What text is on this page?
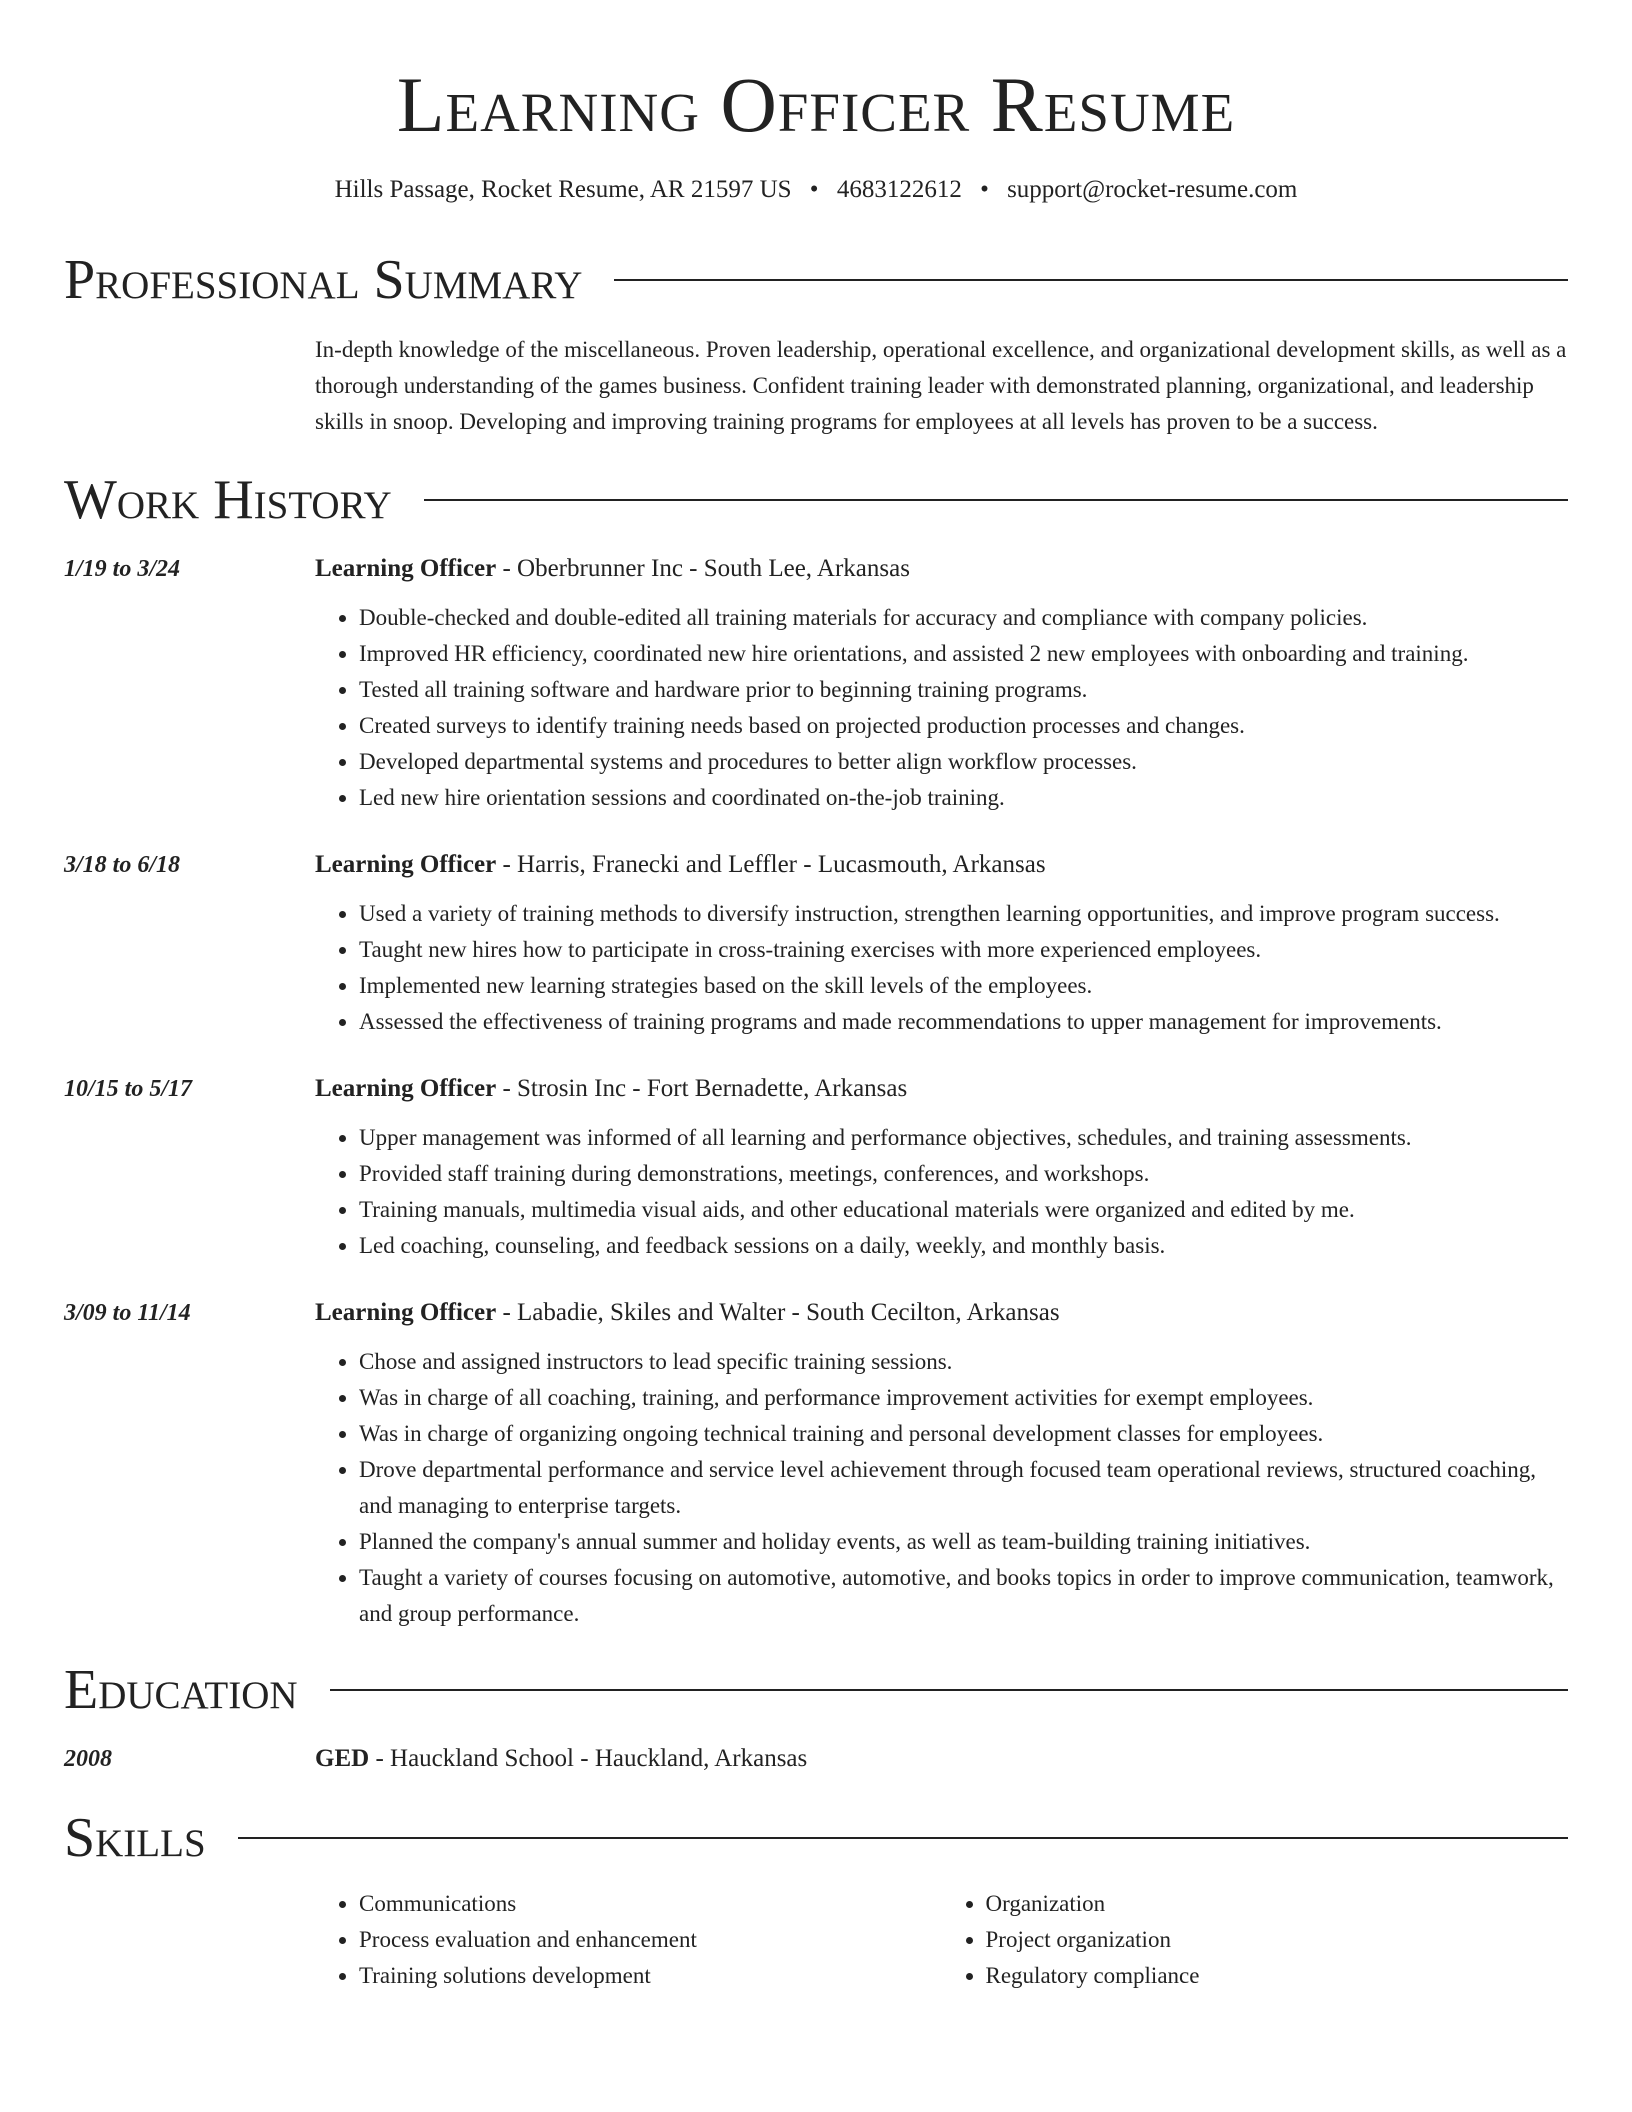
Learning Officer Resume
Hills Passage, Rocket Resume, AR 21597 US • 4683122612 • support@rocket-resume.com
Professional Summary
In-depth knowledge of the miscellaneous. Proven leadership, operational excellence, and organizational development skills, as well as a thorough understanding of the games business. Confident training leader with demonstrated planning, organizational, and leadership skills in snoop. Developing and improving training programs for employees at all levels has proven to be a success.
Work History
1/19 to 3/24	Learning Officer - Oberbrunner Inc - South Lee, Arkansas
• Double-checked and double-edited all training materials for accuracy and compliance with company policies.
• Improved HR efficiency, coordinated new hire orientations, and assisted 2 new employees with onboarding and training.
• Tested all training software and hardware prior to beginning training programs.
• Created surveys to identify training needs based on projected production processes and changes.
• Developed departmental systems and procedures to better align workflow processes.
• Led new hire orientation sessions and coordinated on-the-job training.
3/18 to 6/18	Learning Officer - Harris, Franecki and Leffler - Lucasmouth, Arkansas
• Used a variety of training methods to diversify instruction, strengthen learning opportunities, and improve program success.
• Taught new hires how to participate in cross-training exercises with more experienced employees.
• Implemented new learning strategies based on the skill levels of the employees.
• Assessed the effectiveness of training programs and made recommendations to upper management for improvements.
10/15 to 5/17	Learning Officer - Strosin Inc - Fort Bernadette, Arkansas
• Upper management was informed of all learning and performance objectives, schedules, and training assessments.
• Provided staff training during demonstrations, meetings, conferences, and workshops.
• Training manuals, multimedia visual aids, and other educational materials were organized and edited by me.
• Led coaching, counseling, and feedback sessions on a daily, weekly, and monthly basis.
3/09 to 11/14	Learning Officer - Labadie, Skiles and Walter - South Cecilton, Arkansas
• Chose and assigned instructors to lead specific training sessions.
• Was in charge of all coaching, training, and performance improvement activities for exempt employees.
• Was in charge of organizing ongoing technical training and personal development classes for employees.
• Drove departmental performance and service level achievement through focused team operational reviews, structured coaching, and managing to enterprise targets.
• Planned the company's annual summer and holiday events, as well as team-building training initiatives.
• Taught a variety of courses focusing on automotive, automotive, and books topics in order to improve communication, teamwork, and group performance.
Education
2008	GED - Hauckland School - Hauckland, Arkansas
Skills
• Communications
• Process evaluation and enhancement
• Training solutions development
• Organization
• Project organization
• Regulatory compliance
